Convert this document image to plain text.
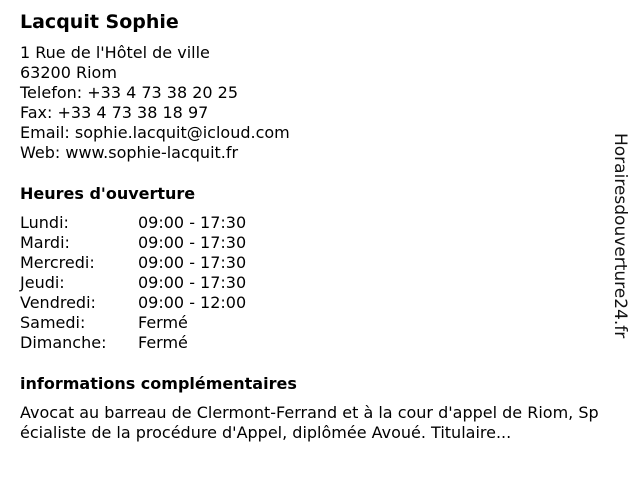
Lacquit Sophie
1 Rue de l'Hôtel de ville
63200 Riom
Telefon: +33 4 73 38 20 25
Fax: +33 4 73 38 18 97
Email: sophie.lacquit@icloud.com
Web: www.sophie-lacquit.fr
Heures d'ouverture
Lundi:	09:00 - 17:30
Mardi:	09:00 - 17:30
Mercredi:	09:00 - 17:30
Jeudi:	09:00 - 17:30
Vendredi:	09:00 - 12:00
Samedi:	Fermé
Dimanche: Fermé
informations complémentaires
Avocat au barreau de Clermont-Ferrand et à la cour d'appel de Riom, Spécialiste de la procédure d'Appel, diplômée Avoué. Titulaire...
Horairesdouverture24.fr
